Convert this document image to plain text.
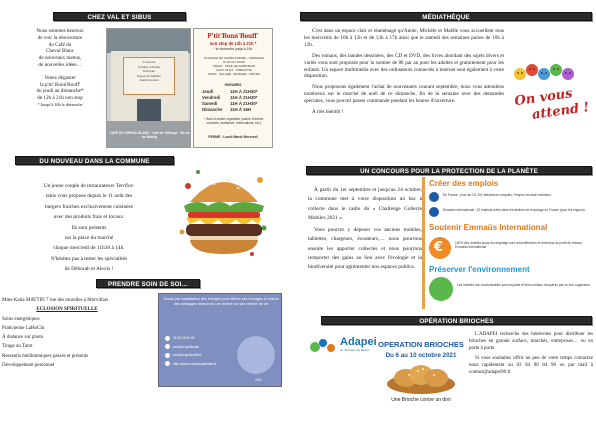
CHEZ VAL ET SIBUS

Nous sommes heureux

de voir la réouverture

du Café du

Cheval Blanc

de nouveaux menus,

de nouvelles idées…

Venez déguster

la p'tit' Bonn'Bouff'

du jeudi au dimanche*

de 12h à 21h non stop

* Jusqu'à 16h le dimanche

Concerts
Soirées à thème
Karaoké
Repas de famille
Anniversaires
CAFÉ DU CHEVAL BLANC · Café de Villerupt · 26 rue de Mutzig
P'tit'Bonn'Bouff'
non stop de 12h à 21h *
* le dimanche jusqu'à 16h
PLANCHE DE CHARCUTERIE – FROMAGE
PLAT DU JOUR
STEAK · PAVE DE RUMSTEAK
FAUX FILET · OMELETTE
PIZZA · SALADE · BURGER · FRITES
HORAIRES
Jeudi	11H À 21H30*
Vendredi 11H À 21H30*
Samedi	11H À 21H30*
Dimanche 11H À 16H
* Sauf si soirée organisée (soirée à thème, concerts, ambiance, réservations, etc.)
FERMÉ : Lundi Mardi Mercredi
DU NOUVEAU DANS LA COMMUNE
Un jeune couple de restaurateurs Terrifor-
tains vous propose depuis le 11 août des
burgers fraiches exclusivement cuisinées
avec des produits frais et locaux.
Ils sont présents
sur la place du marché
chaque mercredi de 11h30 à 14h.
N'hésitez pas à tester les spécialités
de Déborah et Alexis !
PRENDRE SOIN DE SOI…
Mme Katia MATTIN 7 rue des tourelles à Morvillars
ECLOSION SPIRITUELLE
Soins énergétiques
Praticienne LaHoChi
À distance sur photo
Tirage au Tarot
Ressentis médiumniques passés et présents
Développement personnel
Travail par canalisation des énergies pour libérer ses blocages et obtenir des messages dans le but de revenir sur son chemin de vie
06.29.23.80.48
eclosion.spirituelle
eclosionspirituelle90
http://www.eclosionspirituelle.fr
2021
MÉDIATHÈQUE

C'est dans un espace clair et réaménagé qu'Annie, Michèle et Maëlle vous accueillent tous les mercredis de 10h à 12h et de 13h à 17h ainsi que le samedi des semaines paires de 10h à 12h.

Des romans, des bandes dessinées, des CD et DVD, des livres abordant des sujets divers et variés vous sont proposés pour la somme de 8€ par an pour les adultes et gratuitement pour les enfants. Un espace multimédia avec des ordinateurs connectés à internet sont également à votre disposition.

Nous proposons également l'achat de nouveautés courant septembre, nous vous attendons nombreux sur le marché de noël de ce dimanche, fin de la semaine avec des demandes spéciales, vous pouvez passer commande pendant les heures d'ouverture.

À très bientôt !

On vous
attend !
UN CONCOURS POUR LA PROTECTION DE LA PLANÈTE

À partir du 1er septembre et jusqu'au 24 octobre, la commune met à votre disposition un bac à collecte dans le cadre du « Challenge Collecte Mobiles 2021 ».

Vous pourrez y déposer vos anciens mobiles, tablettes, chargeurs, écouteurs,… nous pourrons ensuite les apporter collectés et nous pourrons remporter des gains au lieu avec l'écologie et la biodiversité pour agrémenter nos espaces publics.

Créer des emplois
En France : plus de 211 000 téléphones recyclés, l'emploi est ainsi maintenu.
Emmaüs International : 22 emplois créés dans les ateliers de recyclage en France (pour les régions).
Soutenir Emmaüs International
€	100% des mobiles issus du recyclage sont reconditionnés et revendus au profit du réseau Emmaüs International.
Préserver l'environnement
Les mobiles non revalorisables sont recyclés et leurs métaux récupérés par un éco-organisme.
OPÉRATION BRIOCHES
Adapei
du Territoire de Belfort
OPERATION BRIOCHES
Du 6 au 10 octobre 2021
Une Brioche contre un don

L'ADAPEI recherche des bénévoles pour distribuer les brioches en grande surface, marchés, entreprises… ou en porte à porte.

Si vous souhaitez offrir un peu de votre temps contactez nous rapidement au 03 84 90 84 90 ou par mail à contact@adapei90.fr
